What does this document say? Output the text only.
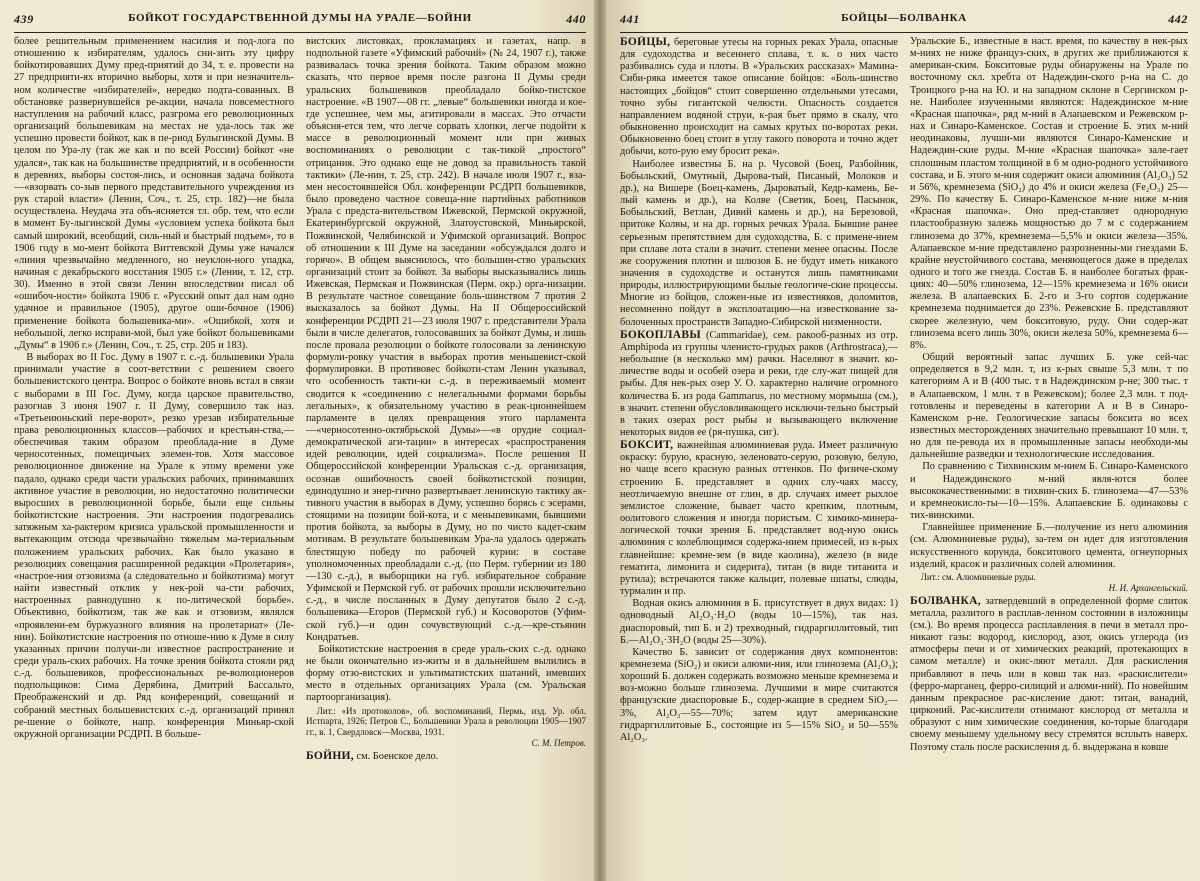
439	БОЙКОТ ГОСУДАРСТВЕННОЙ ДУМЫ НА УРАЛЕ—БОЙНИ	440

более решительным применением насилия и под-лога по отношению к избирателям, удалось сни-зить эту цифру бойкотировавших Думу пред-приятий до 34, т. е. провести на 27 предприяти-ях вторично выборы, хотя и при незначитель-ном количестве «избирателей», нередко подта-сованных. В обстановке развернувшейся ре-акции, начала повсеместного наступления на рабочий класс, разгрома его революционных организаций большевикам на местах не уда-лось так же успешно провести бойкот, как в пе-риод Булыгинской Думы. В целом по Ура-лу (так же как и по всей России) бойкот «не удался», так как на большинстве предприятий, и в особенности в деревнях, выборы состоя-лись, и основная задача бойкота—«взорвать со-зыв первого представительного учреждения из рук старой власти» (Ленин, Соч., т. 25, стр. 182)—не была осуществлена. Неудача эта объ-ясняется тл. обр. тем, что если в момент Бу-лыгинской Думы «условием успеха бойкота был самый широкий, всеобщий, силь-ный и быстрый подъем», то в 1906 году в мо-мент бойкота Виттевской Думы уже начался «линия чрезвычайно медленного, но неуклон-ного упадка, начиная с декабрьского восстания 1905 г.» (Ленин, т. 12, стр. 30). Именно в этой связи Ленин впоследствии писал об «ошибоч-ности» бойкота 1906 г. «Русский опыт дал нам одно удачное и правильное (1905), другое оши-бочное (1906) применение бойкота большевика-ми». «Ошибкой, хотя и небольшой, легко исправи-мой, был уже бойкот большевиками „Думы“ в 1906 г.» (Ленин, Соч., т. 25, стр. 205 и 183).

В выборах во II Гос. Думу в 1907 г. с.-д. большевики Урала принимали участие в соот-ветствии с решением своего большевистского центра. Вопрос о бойкоте вновь встал в связи с выборами в III Гос. Думу, когда царское правительство, разогнав 3 июня 1907 г. II Думу, совершило так наз. «Третьеиюньский пере-ворот», резко урезав избирательные права революционных классов—рабочих и крестьян-ства,—обеспечивая таким образом преоблада-ние в Думе черносотенных, помещичьих элемен-тов. Хотя массовое революционное движение на Урале к этому времени уже падало, однако среди части уральских рабочих, принимавших активное участие в революции, но недостаточно политически выросших в революционной борьбе, были еще сильны бойкотистские настроения. Эти настроения подогревались затяжным ха-рактером кризиса уральской промышленности и вытекающим отсюда чрезвычайно тяжелым ма-териальным положением уральских рабочих. Как было указано в резолюциях совещания расширенной редакции «Пролетария», «настрое-ния отзовизма (а следовательно и бойкотизма) могут найти известный отклик у нек-рой ча-сти рабочих, настроенных равнодушно к по-литической борьбе». Объективно, бойкотизм, так же как и отзовизм, являлся «проявлени-ем буржуазного влияния на пролетариат» (Ле-нин). Бойкотистские настроения по отноше-нию к Думе в силу указанных причин получи-ли известное распространение и среди ураль-ских рабочих. На точке зрения бойкота стояли ряд с.-д. большевиков, профессиональных ре-волюционеров подпольщиков: Сима Дерябина, Дмитрий Бассальто, Преображенский и др. Ряд конференций, совещаний и собраний местных большевистских с.-д. организаций принял ре-шение о бойкоте, напр. конференция Миньяр-ской окружной организации РСДРП. В больше-

вистских листовках, прокламациях и газетах, напр. в подпольной газете «Уфимский рабочий» (№ 24, 1907 г.), также развивалась точка зрения бойкота. Таким образом можно сказать, что первое время после разгона II Думы среди уральских большевиков преобладало бойко-тистское настроение. «В 1907—08 гг. „левые“ большевики иногда и кое-где успешнее, чем мы, агитировали в массах. Это отчасти объясня-ется тем, что легче сорвать хлопки, легче подойти к массе в революционный момент или при живых воспоминаниях о революции с так-тикой „простого“ отрицания. Это однако еще не довод за правильность такой тактики» (Ле-нин, т. 25, стр. 242). В начале июля 1907 г., вза-мен несостоявшейся Обл. конференции РСДРП большевиков, было проведено частное совеща-ние партийных работников Урала с предста-вительством Ижевской, Пермской окружной, Екатеринбургской окружной, Златоустовской, Миньярской, Пожвинской, Челябинской и Уфимской организаций. Вопрос об отношении к III Думе на заседании «обсуждался долго и горячо». В общем выяснилось, что большин-ство уральских организаций стоит за бойкот. За выборы высказывались лишь Ижевская, Пермская и Пожвинская (Перм. окр.) орга-низации. В результате частное совещание боль-шинством 7 против 2 высказалось за бойкот Думы. На II Общероссийской конференции РСДРП 21—23 июля 1907 г. представители Урала были в числе делегатов, голосовавших за бойкот Думы, и лишь после провала резолюции о бойкоте голосовали за ленинскую формули-ровку участия в выборах против меньшевист-ской формулировки. В противовес бойкоти-стам Ленин указывал, что особенность такти-ки с.-д. в переживаемый момент сводится к «соединению с нелегальными формами борьбы легальных», к обязательному участию в реак-ционнейшем парламенте в целях превращения этого парламента—«черносотенно-октябрьской Думы»—«в орудие социал-демократической аги-тации» в интересах «распространения идей революции, идей социализма». После решения II Общероссийской конференции Уральская с.-д. организация, осознав ошибочность своей бойкотистской позиции, единодушно и энер-гично развертывает ленинскую тактику ак-тивного участия в выборах в Думу, успешно борясь с эсерами, стоящими на позиции бой-кота, и с меньшевиками, бывшими против бойкота, за выборы в Думу, но по чисто кадет-ским мотивам. В результате большевикам Ура-ла удалось одержать блестящую победу по рабочей курии: в составе уполномоченных преобладали с.-д. (по Перм. губернии из 180—130 с.-д.), в выборщики на губ. избирательное собрание Уфимской и Пермской губ. от рабочих прошли исключительно с.-д., в числе посланных в Думу депутатов было 2 с.-д. большевика—Егоров (Пермской губ.) и Косоворотов (Уфим-ской губ.)—и один сочувствующий с.-д.—кре-стьянин Кондратьев.

Бойкотистские настроения в среде ураль-ских с.-д. однако не были окончательно из-житы и в дальнейшем вылились в форму отзо-вистских и ультиматистских шатаний, имевших место в отдельных организациях Урала (см. Уральская партоорганизация).

Лит.: «Из протоколов», об. воспоминаний, Пермь, изд. Ур. обл. Истпарта, 1926; Петров С., Большевики Урала в революции 1905—1907 гг., в. 1, Свердловск—Москва, 1931.

С. М. Петров.

БОЙНИ, см. Боенское дело.

441	БОЙЦЫ—БОЛВАНКА	442

БОЙЦЫ, береговые утесы на горных реках Урала, опасные для судоходства и весеннего сплава, т. к. о них часто разбивались суда и плоты. В «Уральских рассказах» Мамина-Сиби-ряка имеется такое описание бойцов: «Боль-шинство настоящих „бойцов“ стоит совершенно отдельными утесами, точно зубы гигантской челюсти. Опасность создается направлением водяной струи, к-рая бьет прямо в скалу, что обыкновенно происходит на самых крутых по-воротах реки. Обыкновенно боец стоит в углу такого поворота и точно ждет добычи, кото-рую ему бросит река».

Наиболее известны Б. на р. Чусовой (Боец, Разбойник, Бобыльский, Омутный, Дыровa-тый, Писаный, Молоков и др.), на Вишере (Боец-камень, Дыроватый, Кедр-камень, Бе-лый камень и др.), на Колве (Светик, Боец, Пасынок, Бобыльский, Ветлан, Дивий камень и др.), на Березовой, притоке Колвы, и на др. горных речках Урала. Бывшие ранее серьезным препятствием для судоходства, Б. с примене-нием при сплаве лота стали в значит. степени менее опасны. После же сооружения плотин и шлюзов Б. не будут иметь никакого значения в судоходстве и останутся лишь памятниками природы, иллюстрирующими былые геологиче-ские процессы. Многие из бойцов, сложен-ные из известняков, доломитов, несомненно пойдут в эксплоатацию—на известкование за-болоченных пространств Западно-Сибирской низменности.

БОКОПЛАВЫ (Cammaridae), сем. ракооб-разных из отр. Amphipoda из группы членисто-грудых раков (Arthrostraca),—небольшие (в несколько мм) рачки. Населяют в значит. ко-личестве воды и особей озера и реки, где слу-жат пищей для рыбы. Для нек-рых озер У. О. характерно наличие огромного количества Б. из рода Gammarus, по местному мормыша (см.), в значит. степени обусловливающего исключи-тельно быстрый в таких озерах рост рыбы и вызывающего включение некоторых видов ее (ря-пушка, сиг).

БОКСИТ, важнейшая алюминиевая руда. Имеет различную окраску: бурую, красную, зеленовато-серую, розовую, белую, но чаще всего красную разных оттенков. По физиче-скому строению Б. представляет в одних слу-чаях массу, неотличаемую внешне от глин, в др. случаях имеет рыхлое землистое сложение, бывает часто крепким, плотным, оолитового сложения и иногда пористым. С химико-минера-логической точки зрения Б. представляет вод-ную окись алюминия с колеблющимся содержа-нием примесей, из к-рых главнейшие: кремне-зем (в виде каолина), железо (в виде гематита, лимонита и сидерита), титан (в виде титанита и рутила); встречаются также кальцит, полевые шпаты, слюды, турмалин и пр.

Водная окись алюминия в Б. присутствует в двух видах: 1) одноводный Al₂O₃·H₂O (воды 10—15%), так наз. диаспоровый, тип Б. и 2) трехводный, гидраргиллитовый, тип Б.—Al₂O₃·3H₂O (воды 25—30%).

Качество Б. зависит от содержания двух компонентов: кремнезема (SiO₂) и окиси алюми-ния, или глинозема (Al₂O₃); хороший Б. должен содержать возможно меньше кремнезема и воз-можно больше глинозема. Лучшими в мире считаются французские диаспоровые Б., содер-жащие в среднем SiO₂—3%, Al₂O₃—55—70%; затем идут американские гидраргиллитовые Б., состоящие из 5—15% SiO₂ и 50—55% Al₂O₃.

Уральские Б., известные в наст. время, по качеству в нек-рых м-ниях не ниже француз-ских, в других же приближаются к американ-ским. Бокситовые руды обнаружены на Урале по восточному скл. хребта от Надеждин-ского р-на на С. до Троицкого р-на на Ю. и на западном склоне в Сергинском р-не. Наиболее изученными являются: Надеждинское м-ние «Красная шапочка», ряд м-ний в Алапаевском и Режевском р-нах и Синаро-Каменское. Состав и строение Б. этих м-ний неодинаковы, лучши-ми являются Синаро-Каменские и Надеждин-ские руды. М-ние «Красная шапочка» зале-гает сплошным пластом толщиной в 6 м одно-родного устойчивого состава, и Б. этого м-ния содержит окиси алюминия (Al₂O₃) 52 и 56%, кремнезема (SiO₂) до 4% и окиси железа (Fe₂O₃) 25—29%. По качеству Б. Синаро-Каменское м-ние ниже м-ния «Красная шапочка». Оно пред-ставляет однородную пластообразную залежь мощностью до 7 м с содержанием глинозема до 37%, кремнезема—5,5% и окиси железа—35%. Алапаевское м-ние представлено разрозненны-ми гнездами Б. крайне неустойчивого состава, меняющегося даже в пределах одного и того же гнезда. Состав Б. в наиболее богатых фрак-циях: 40—50% глинозема, 12—15% кремнезема и 16% окиси железа. В алапаевских Б. 2-го и 3-го сортов содержание кремнезема поднимается до 23%. Режевские Б. представляют скорее железную, чем бокситовую, руду. Они содер-жат глинозема всего лишь 30%, окиси железа 50%, кремнезема 6—8%.

Общий вероятный запас лучших Б. уже сей-час определяется в 9,2 млн. т, из к-рых свыше 5,3 млн. т по категориям А и В (400 тыс. т в Надеждинском р-не; 300 тыс. т в Алапаевском, 1 млн. т в Режевском); более 2,3 млн. т под-готовлены и переведены в категории А и В в Синаро-Каменском р-не. Геологические запасы боксита во всех известных месторождениях значительно превышают 10 млн. т, но для пе-ревода их в промышленные запасы необходи-мы дальнейшие разведки и технологические исследования.

По сравнению с Тихвинским м-нием Б. Синаро-Каменского и Надеждинского м-ний явля-ются более высококачественными: в тихвин-ских Б. глинозема—47—53% и кремнеокисло-ты—10—15%. Алапаевские Б. одинаковы с тих-винскими.

Главнейшее применение Б.—получение из него алюминия (см. Алюминиевые руды), за-тем он идет для изготовления искусственного корунда, бокситового цемента, огнеупорных изделий, красок и различных солей алюминия.

Лит.: см. Алюминиевые руды.

Н. И. Архангельский.

БОЛВАНКА, затвердевший в определенной форме слиток металла, разлитого в расплав-ленном состоянии в изложницы (см.). Во время процесса расплавления в печи в металл про-никают газы: водород, кислород, азот, окись углерода (из атмосферы печи и от химических реакций, протекающих в самом металле) и окис-ляют металл. Для раскисления прибавляют в печь или в ковш так наз. «раскислители» (ферро-марганец, ферро-силиций и алюми-ний). По новейшим данным прекрасное рас-кисление дают: титан, ванадий, цирконий. Рас-кислители отнимают кислород от металла и образуют с ним химические соединения, ко-торые благодаря своему меньшему удельному весу стремятся всплыть наверх. Поэтому сталь после раскисления д. б. выдержана в ковше
